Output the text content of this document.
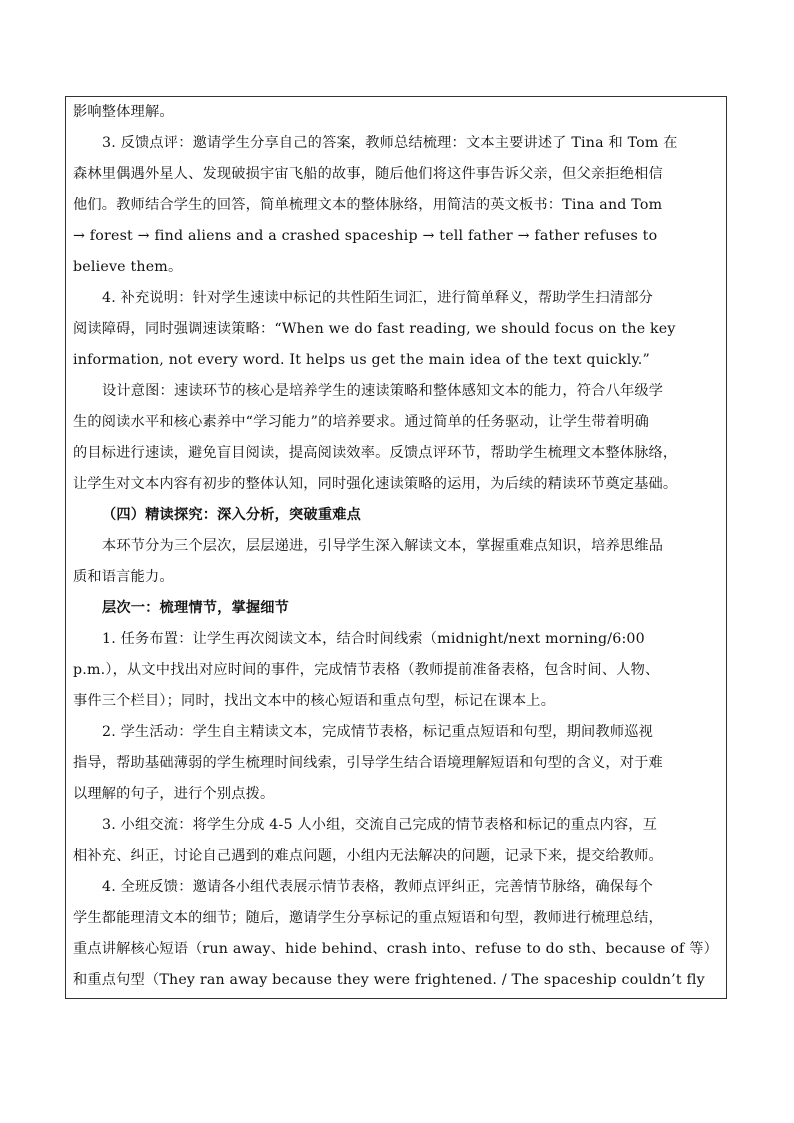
影响整体理解。
3. 反馈点评：邀请学生分享自己的答案，教师总结梳理：文本主要讲述了 Tina 和 Tom 在
森林里偶遇外星人、发现破损宇宙飞船的故事，随后他们将这件事告诉父亲，但父亲拒绝相信
他们。教师结合学生的回答，简单梳理文本的整体脉络，用简洁的英文板书：Tina and Tom
→ forest → find aliens and a crashed spaceship → tell father → father refuses to
believe them。
4. 补充说明：针对学生速读中标记的共性陌生词汇，进行简单释义，帮助学生扫清部分
阅读障碍，同时强调速读策略：“When we do fast reading, we should focus on the key
information, not every word. It helps us get the main idea of the text quickly.”
设计意图：速读环节的核心是培养学生的速读策略和整体感知文本的能力，符合八年级学
生的阅读水平和核心素养中“学习能力”的培养要求。通过简单的任务驱动，让学生带着明确
的目标进行速读，避免盲目阅读，提高阅读效率。反馈点评环节，帮助学生梳理文本整体脉络，
让学生对文本内容有初步的整体认知，同时强化速读策略的运用，为后续的精读环节奠定基础。
（四）精读探究：深入分析，突破重难点
本环节分为三个层次，层层递进，引导学生深入解读文本，掌握重难点知识，培养思维品
质和语言能力。
层次一：梳理情节，掌握细节
1. 任务布置：让学生再次阅读文本，结合时间线索（midnight/next morning/6:00
p.m.），从文中找出对应时间的事件，完成情节表格（教师提前准备表格，包含时间、人物、
事件三个栏目）；同时，找出文本中的核心短语和重点句型，标记在课本上。
2. 学生活动：学生自主精读文本，完成情节表格，标记重点短语和句型，期间教师巡视
指导，帮助基础薄弱的学生梳理时间线索，引导学生结合语境理解短语和句型的含义，对于难
以理解的句子，进行个别点拨。
3. 小组交流：将学生分成 4-5 人小组，交流自己完成的情节表格和标记的重点内容，互
相补充、纠正，讨论自己遇到的难点问题，小组内无法解决的问题，记录下来，提交给教师。
4. 全班反馈：邀请各小组代表展示情节表格，教师点评纠正，完善情节脉络，确保每个
学生都能理清文本的细节；随后，邀请学生分享标记的重点短语和句型，教师进行梳理总结，
重点讲解核心短语（run away、hide behind、crash into、refuse to do sth、because of 等）
和重点句型（They ran away because they were frightened. / The spaceship couldn’t fly
